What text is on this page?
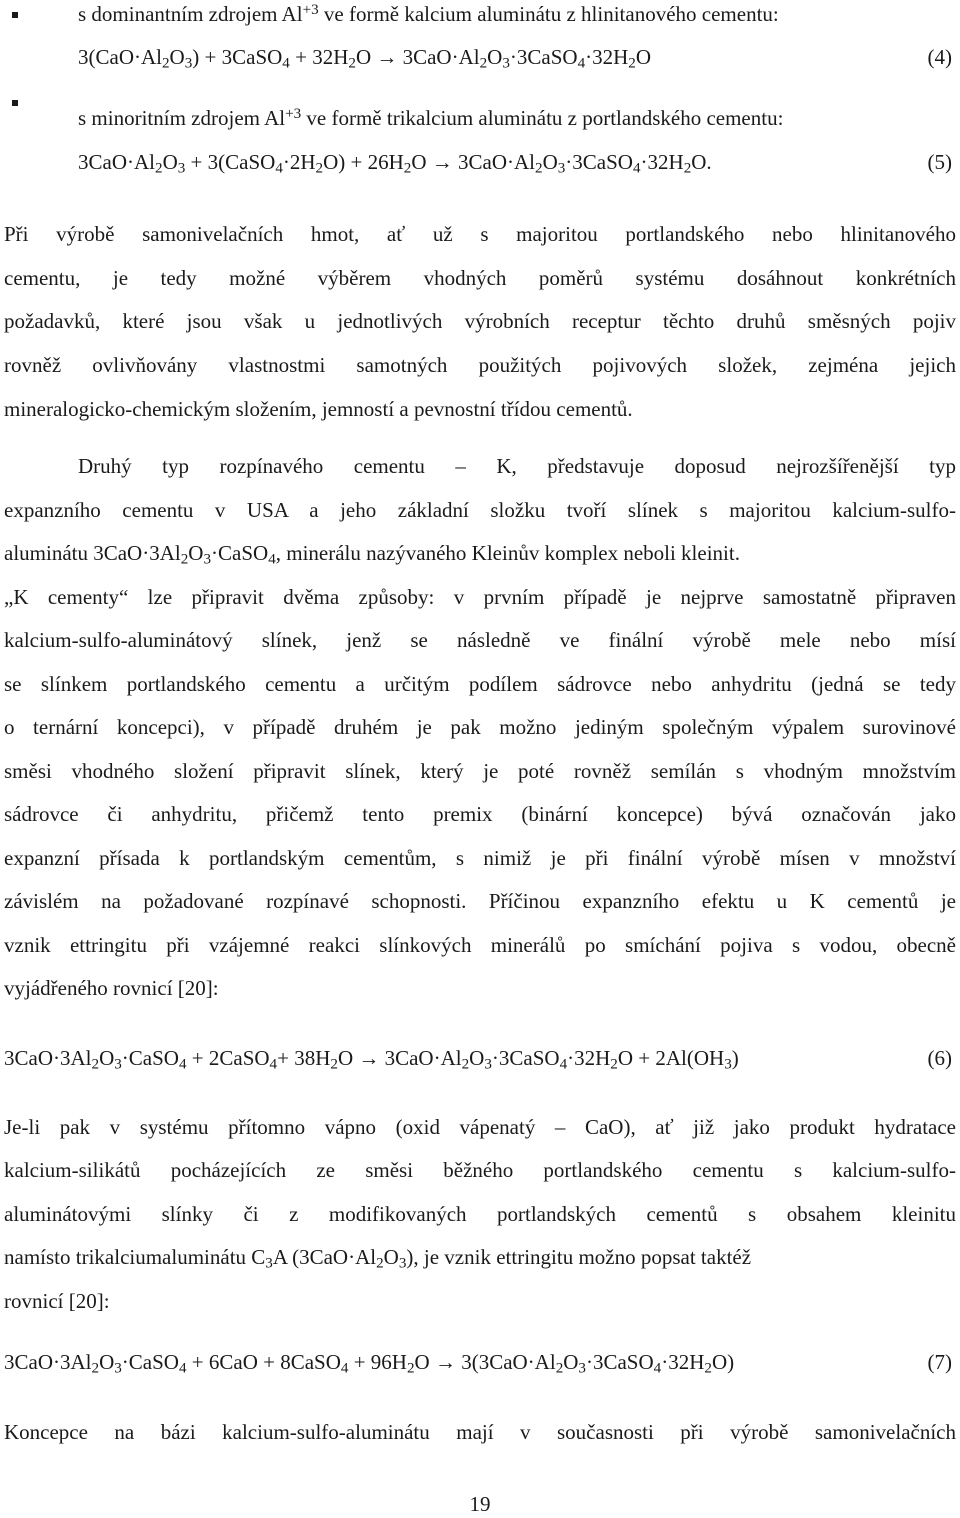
s dominantním zdrojem $Al^{+3}$ ve formě kalcium aluminátu z hlinitanového cementu:
$3(CaO\cdot Al_2O_3)$ + 3CaSO$_4$ + $32H_2O$ → $3CaO\cdot Al_2O_3\cdot 3CaSO_4\cdot 32H_2O$	(4)
s minoritním zdrojem $Al^{+3}$ ve formě trikalcium aluminátu z portlandského cementu:
$3CaO\cdot Al_2O_3$ + $3(CaSO_4\cdot 2H_2O) + 26H_2O$ → $3CaO\cdot Al_2O_3\cdot 3CaSO_4\cdot 32H_2O$.	(5)
Při výrobě samonivelačních hmot, ať už s majoritou portlandského nebo hlinitanového
cementu, je tedy možné výběrem vhodných poměrů systému dosáhnout konkrétních
požadavků, které jsou však u jednotlivých výrobních receptur těchto druhů směsných pojiv
rovněž ovlivňovány vlastnostmi samotných použitých pojivových složek, zejména jejich
mineralogicko-chemickým složením, jemností a pevnostní třídou cementů.
Druhý typ rozpínavého cementu – K, představuje doposud nejrozšířenější typ
expanzního cementu v USA a jeho základní složku tvoří slínek s majoritou kalcium-sulfo-
aluminátu $3CaO\cdot 3Al_2O_3\cdot CaSO_4$, minerálu nazývaného Kleinův komplex neboli kleinit.
„K cementy“ lze připravit dvěma způsoby: v prvním případě je nejprve samostatně připraven
kalcium-sulfo-aluminátový slínek, jenž se následně ve finální výrobě mele nebo mísí
se slínkem portlandského cementu a určitým podílem sádrovce nebo anhydritu (jedná se tedy
o ternární koncepci), v případě druhém je pak možno jediným společným výpalem surovinové
směsi vhodného složení připravit slínek, který je poté rovněž semílán s vhodným množstvím
sádrovce či anhydritu, přičemž tento premix (binární koncepce) bývá označován jako
expanzní přísada k portlandským cementům, s nimiž je při finální výrobě mísen v množství
závislém na požadované rozpínavé schopnosti. Příčinou expanzního efektu u K cementů je
vznik ettringitu při vzájemné reakci slínkových minerálů po smíchání pojiva s vodou, obecně
vyjádřeného rovnicí [20]:
$3CaO\cdot 3Al_2O_3\cdot CaSO_4$ + 2CaSO$_4$+ $38H_2O$ → $3CaO\cdot Al_2O_3\cdot 3CaSO_4\cdot 32H_2O + 2Al(OH_3)$	(6)
Je-li pak v systému přítomno vápno (oxid vápenatý – CaO), ať již jako produkt hydratace
kalcium-silikátů pocházejících ze směsi běžného portlandského cementu s kalcium-sulfo-
aluminátovými slínky či z modifikovaných portlandských cementů s obsahem kleinitu
namísto trikalciumaluminátu $C_3A$ $(3CaO\cdot Al_2O_3)$, je vznik ettringitu možno popsat taktéž
rovnicí [20]:
$3CaO\cdot 3Al_2O_3\cdot CaSO_4 + 6CaO$ + 8CaSO$_4$ + $96H_2O$ → $3(3CaO\cdot Al_2O_3\cdot 3CaSO_4\cdot 32H_2O)$	(7)
Koncepce na bázi kalcium-sulfo-aluminátu mají v současnosti při výrobě samonivelačních
19
